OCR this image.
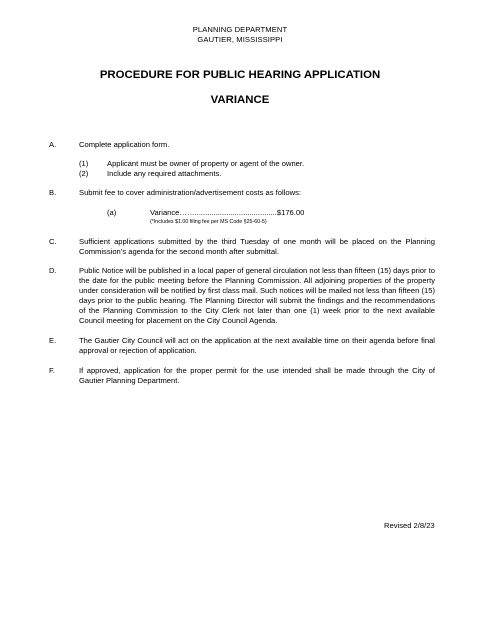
PLANNING DEPARTMENT
GAUTIER, MISSISSIPPI
PROCEDURE FOR PUBLIC HEARING APPLICATION
VARIANCE
A.	Complete application form.
(1) Applicant must be owner of property or agent of the owner.
(2) Include any required attachments.
B.	Submit fee to cover administration/advertisement costs as follows:
(a)	Variance…….......................................$176.00
(*Includes $1.00 filing fee per MS Code §25-60-5)
C.	Sufficient applications submitted by the third Tuesday of one month will be placed on the Planning Commission’s agenda for the second month after submittal.
D.	Public Notice will be published in a local paper of general circulation not less than fifteen (15) days prior to the date for the public meeting before the Planning Commission. All adjoining properties of the property under consideration will be notified by first class mail. Such notices will be mailed not less than fifteen (15) days prior to the public hearing. The Planning Director will submit the findings and the recommendations of the Planning Commission to the City Clerk not later than one (1) week prior to the next available Council meeting for placement on the City Council Agenda.
E.	The Gautier City Council will act on the application at the next available time on their agenda before final approval or rejection of application.
F.	If approved, application for the proper permit for the use intended shall be made through the City of Gautier Planning Department.
Revised 2/8/23
